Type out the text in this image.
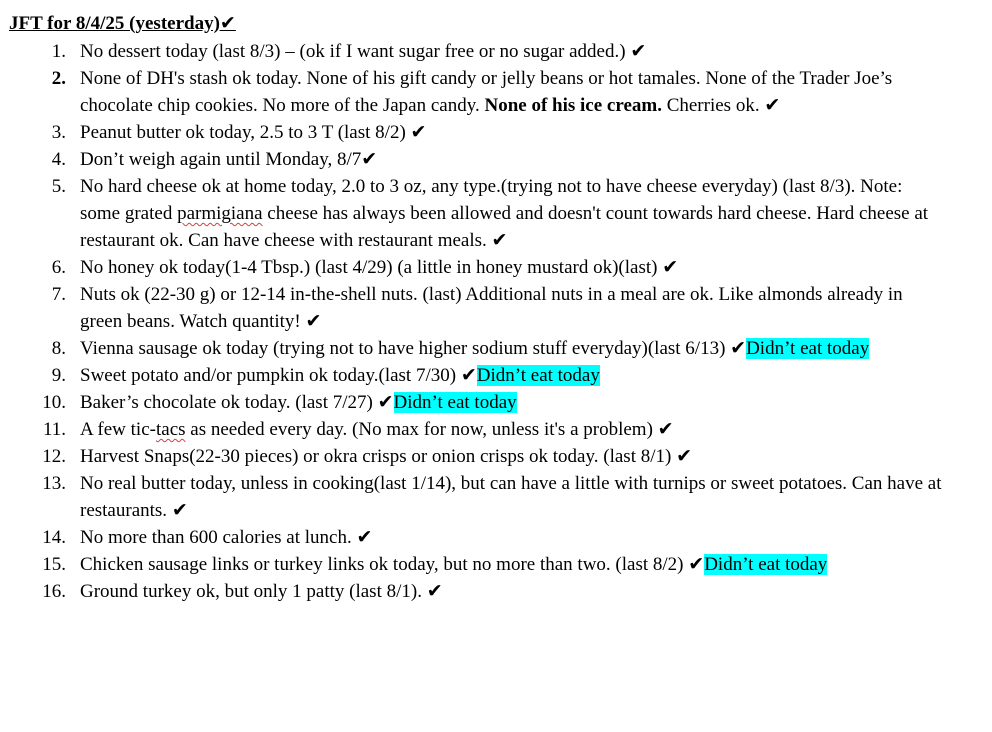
JFT for 8/4/25 (yesterday)✔
1. No dessert today (last 8/3) – (ok if I want sugar free or no sugar added.) ✔
2. None of DH's stash ok today. None of his gift candy or jelly beans or hot tamales. None of the Trader Joe’s chocolate chip cookies. No more of the Japan candy. None of his ice cream. Cherries ok. ✔
3. Peanut butter ok today, 2.5 to 3 T (last 8/2) ✔
4. Don’t weigh again until Monday, 8/7✔
5. No hard cheese ok at home today, 2.0 to 3 oz, any type.(trying not to have cheese everyday) (last 8/3). Note: some grated parmigiana cheese has always been allowed and doesn't count towards hard cheese. Hard cheese at restaurant ok. Can have cheese with restaurant meals. ✔
6. No honey ok today(1-4 Tbsp.) (last 4/29) (a little in honey mustard ok)(last) ✔
7. Nuts ok (22-30 g) or 12-14 in-the-shell nuts. (last) Additional nuts in a meal are ok. Like almonds already in green beans. Watch quantity! ✔
8. Vienna sausage ok today (trying not to have higher sodium stuff everyday)(last 6/13) ✔Didn’t eat today
9. Sweet potato and/or pumpkin ok today.(last 7/30) ✔Didn’t eat today
10. Baker’s chocolate ok today. (last 7/27) ✔Didn’t eat today
11. A few tic-tacs as needed every day. (No max for now, unless it's a problem) ✔
12. Harvest Snaps(22-30 pieces) or okra crisps or onion crisps ok today. (last 8/1) ✔
13. No real butter today, unless in cooking(last 1/14), but can have a little with turnips or sweet potatoes. Can have at restaurants. ✔
14. No more than 600 calories at lunch. ✔
15. Chicken sausage links or turkey links ok today, but no more than two. (last 8/2) ✔Didn’t eat today
16. Ground turkey ok, but only 1 patty (last 8/1). ✔
